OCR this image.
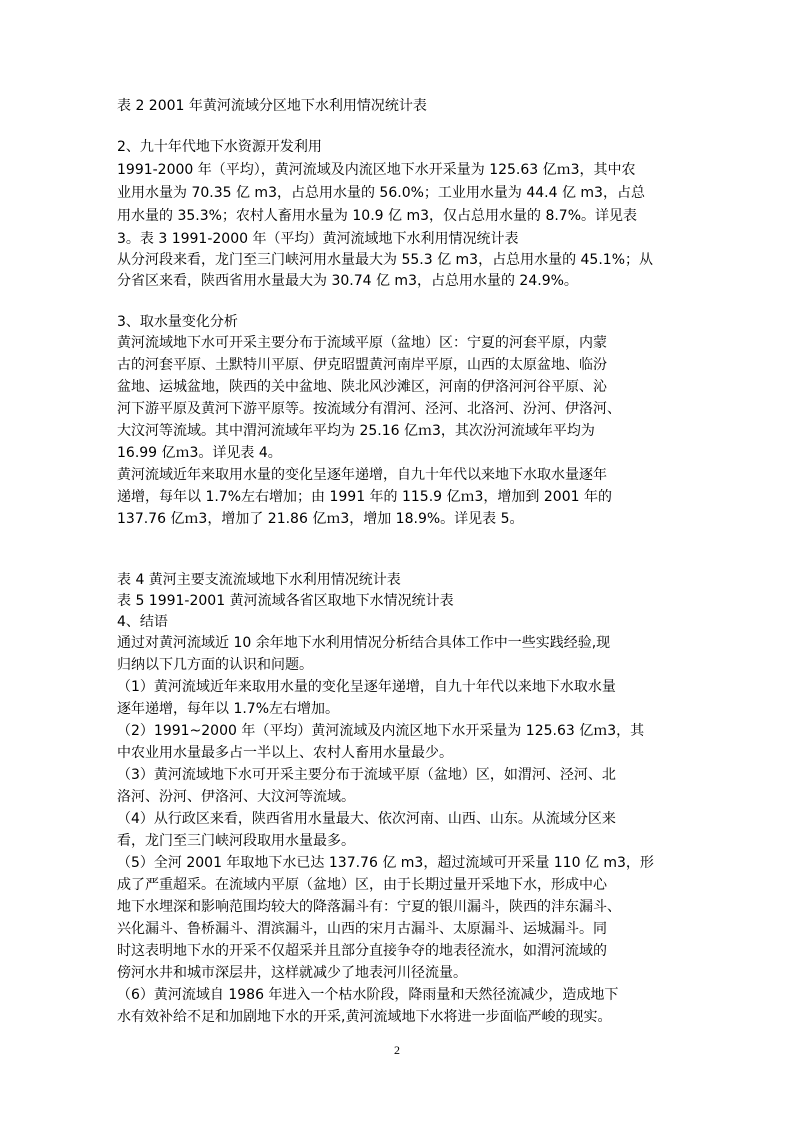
表 2 2001 年黄河流域分区地下水利用情况统计表
2、九十年代地下水资源开发利用
1991-2000 年（平均），黄河流域及内流区地下水开采量为 125.63 亿ｍ3，其中农
业用水量为 70.35 亿 m3，占总用水量的 56.0%；工业用水量为 44.4 亿 m3，占总
用水量的 35.3%；农村人畜用水量为 10.9 亿 m3，仅占总用水量的 8.7%。详见表
3。表 3 1991-2000 年（平均）黄河流域地下水利用情况统计表
从分河段来看，龙门至三门峡河用水量最大为 55.3 亿 m3，占总用水量的 45.1%；从
分省区来看，陕西省用水量最大为 30.74 亿 m3，占总用水量的 24.9%。
3、取水量变化分析
黄河流域地下水可开采主要分布于流域平原（盆地）区：宁夏的河套平原，内蒙
古的河套平原、土默特川平原、伊克昭盟黄河南岸平原，山西的太原盆地、临汾
盆地、运城盆地，陕西的关中盆地、陕北风沙滩区，河南的伊洛河河谷平原、沁
河下游平原及黄河下游平原等。按流域分有渭河、泾河、北洛河、汾河、伊洛河、
大汶河等流域。其中渭河流域年平均为 25.16 亿ｍ3，其次汾河流域年平均为
16.99 亿ｍ3。详见表 4。
黄河流域近年来取用水量的变化呈逐年递增，自九十年代以来地下水取水量逐年
递增，每年以 1.7%左右增加；由 1991 年的 115.9 亿ｍ3，增加到 2001 年的
137.76 亿ｍ3，增加了 21.86 亿ｍ3，增加 18.9%。详见表 5。
表 4 黄河主要支流流域地下水利用情况统计表
表 5 1991-2001 黄河流域各省区取地下水情况统计表
4、结语
通过对黄河流域近 10 余年地下水利用情况分析结合具体工作中一些实践经验,现
归纳以下几方面的认识和问题。
（1）黄河流域近年来取用水量的变化呈逐年递增，自九十年代以来地下水取水量
逐年递增，每年以 1.7%左右增加。
（2）1991~2000 年（平均）黄河流域及内流区地下水开采量为 125.63 亿ｍ3，其
中农业用水量最多占一半以上、农村人畜用水量最少。
（3）黄河流域地下水可开采主要分布于流域平原（盆地）区，如渭河、泾河、北
洛河、汾河、伊洛河、大汶河等流域。
（4）从行政区来看，陕西省用水量最大、依次河南、山西、山东。从流域分区来
看，龙门至三门峡河段取用水量最多。
（5）全河 2001 年取地下水已达 137.76 亿 m3，超过流域可开采量 110 亿 m3，形
成了严重超采。在流域内平原（盆地）区，由于长期过量开采地下水，形成中心
地下水埋深和影响范围均较大的降落漏斗有：宁夏的银川漏斗，陕西的沣东漏斗、
兴化漏斗、鲁桥漏斗、渭滨漏斗，山西的宋月古漏斗、太原漏斗、运城漏斗。同
时这表明地下水的开采不仅超采并且部分直接争夺的地表径流水，如渭河流域的
傍河水井和城市深层井，这样就减少了地表河川径流量。
（6）黄河流域自 1986 年进入一个枯水阶段，降雨量和天然径流减少，造成地下
水有效补给不足和加剧地下水的开采,黄河流域地下水将进一步面临严峻的现实。
2
